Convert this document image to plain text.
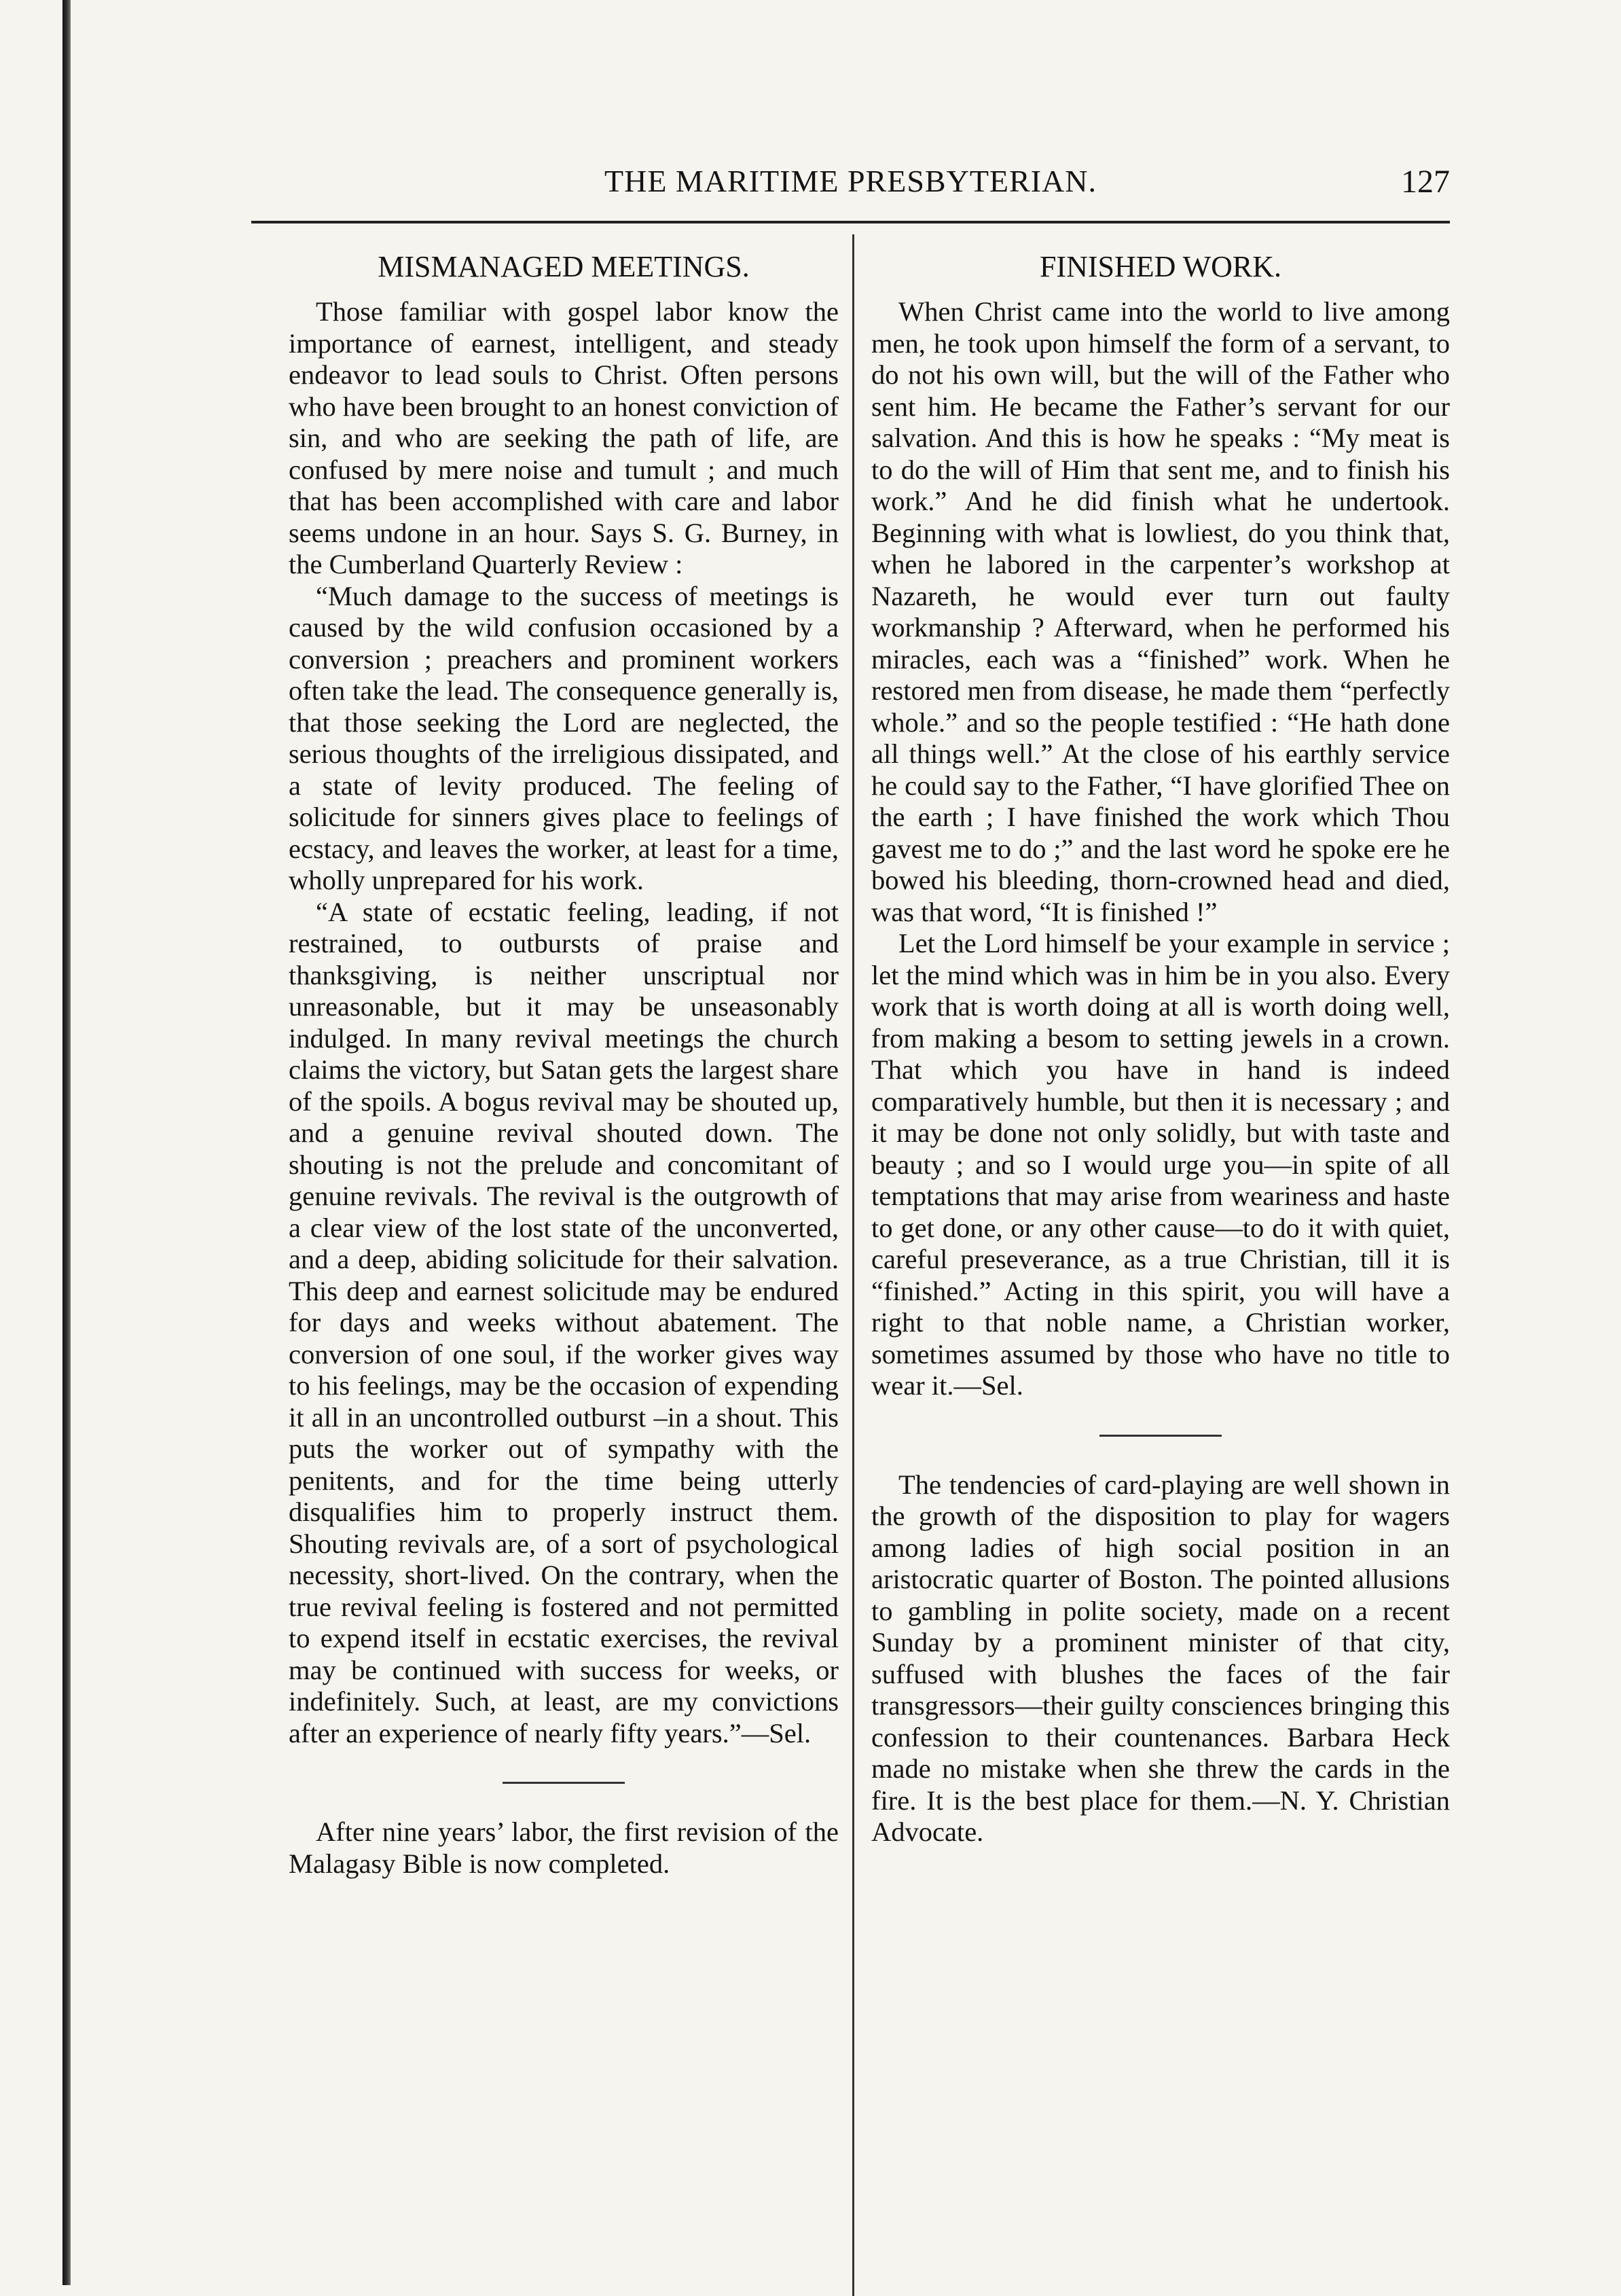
THE MARITIME PRESBYTERIAN.	127
MISMANAGED MEETINGS.

Those familiar with gospel labor know the importance of earnest, intelligent, and steady endeavor to lead souls to Christ. Often persons who have been brought to an honest conviction of sin, and who are seeking the path of life, are confused by mere noise and tumult ; and much that has been accomplished with care and labor seems undone in an hour. Says S. G. Burney, in the Cumberland Quarterly Review :

“Much damage to the success of meetings is caused by the wild confusion occasioned by a conversion ; preachers and prominent workers often take the lead. The consequence generally is, that those seeking the Lord are neglected, the serious thoughts of the irreligious dissipated, and a state of levity produced. The feeling of solicitude for sinners gives place to feelings of ecstacy, and leaves the worker, at least for a time, wholly unprepared for his work.

“A state of ecstatic feeling, leading, if not restrained, to outbursts of praise and thanksgiving, is neither unscriptual nor unreasonable, but it may be unseasonably indulged. In many revival meetings the church claims the victory, but Satan gets the largest share of the spoils. A bogus revival may be shouted up, and a genuine revival shouted down. The shouting is not the prelude and concomitant of genuine revivals. The revival is the outgrowth of a clear view of the lost state of the unconverted, and a deep, abiding solicitude for their salvation. This deep and earnest solicitude may be endured for days and weeks without abatement. The conversion of one soul, if the worker gives way to his feelings, may be the occasion of expending it all in an uncontrolled outburst –in a shout. This puts the worker out of sympathy with the penitents, and for the time being utterly disqualifies him to properly instruct them. Shouting revivals are, of a sort of psychological necessity, short-lived. On the contrary, when the true revival feeling is fostered and not permitted to expend itself in ecstatic exercises, the revival may be continued with success for weeks, or indefinitely. Such, at least, are my convictions after an experience of nearly fifty years.”—Sel.

After nine years’ labor, the first revision of the Malagasy Bible is now completed.

FINISHED WORK.

When Christ came into the world to live among men, he took upon himself the form of a servant, to do not his own will, but the will of the Father who sent him. He became the Father’s servant for our salvation. And this is how he speaks : “My meat is to do the will of Him that sent me, and to finish his work.” And he did finish what he undertook. Beginning with what is lowliest, do you think that, when he labored in the carpenter’s workshop at Nazareth, he would ever turn out faulty workmanship ? Afterward, when he performed his miracles, each was a “finished” work. When he restored men from disease, he made them “perfectly whole.” and so the people testified : “He hath done all things well.” At the close of his earthly service he could say to the Father, “I have glorified Thee on the earth ; I have finished the work which Thou gavest me to do ;” and the last word he spoke ere he bowed his bleeding, thorn-crowned head and died, was that word, “It is finished !”

Let the Lord himself be your example in service ; let the mind which was in him be in you also. Every work that is worth doing at all is worth doing well, from making a besom to setting jewels in a crown. That which you have in hand is indeed comparatively humble, but then it is necessary ; and it may be done not only solidly, but with taste and beauty ; and so I would urge you—in spite of all temptations that may arise from weariness and haste to get done, or any other cause—to do it with quiet, careful preseverance, as a true Christian, till it is “finished.” Acting in this spirit, you will have a right to that noble name, a Christian worker, sometimes assumed by those who have no title to wear it.—Sel.

The tendencies of card-playing are well shown in the growth of the disposition to play for wagers among ladies of high social position in an aristocratic quarter of Boston. The pointed allusions to gambling in polite society, made on a recent Sunday by a prominent minister of that city, suffused with blushes the faces of the fair transgressors—their guilty consciences bringing this confession to their countenances. Barbara Heck made no mistake when she threw the cards in the fire. It is the best place for them.—N. Y. Christian Advocate.
